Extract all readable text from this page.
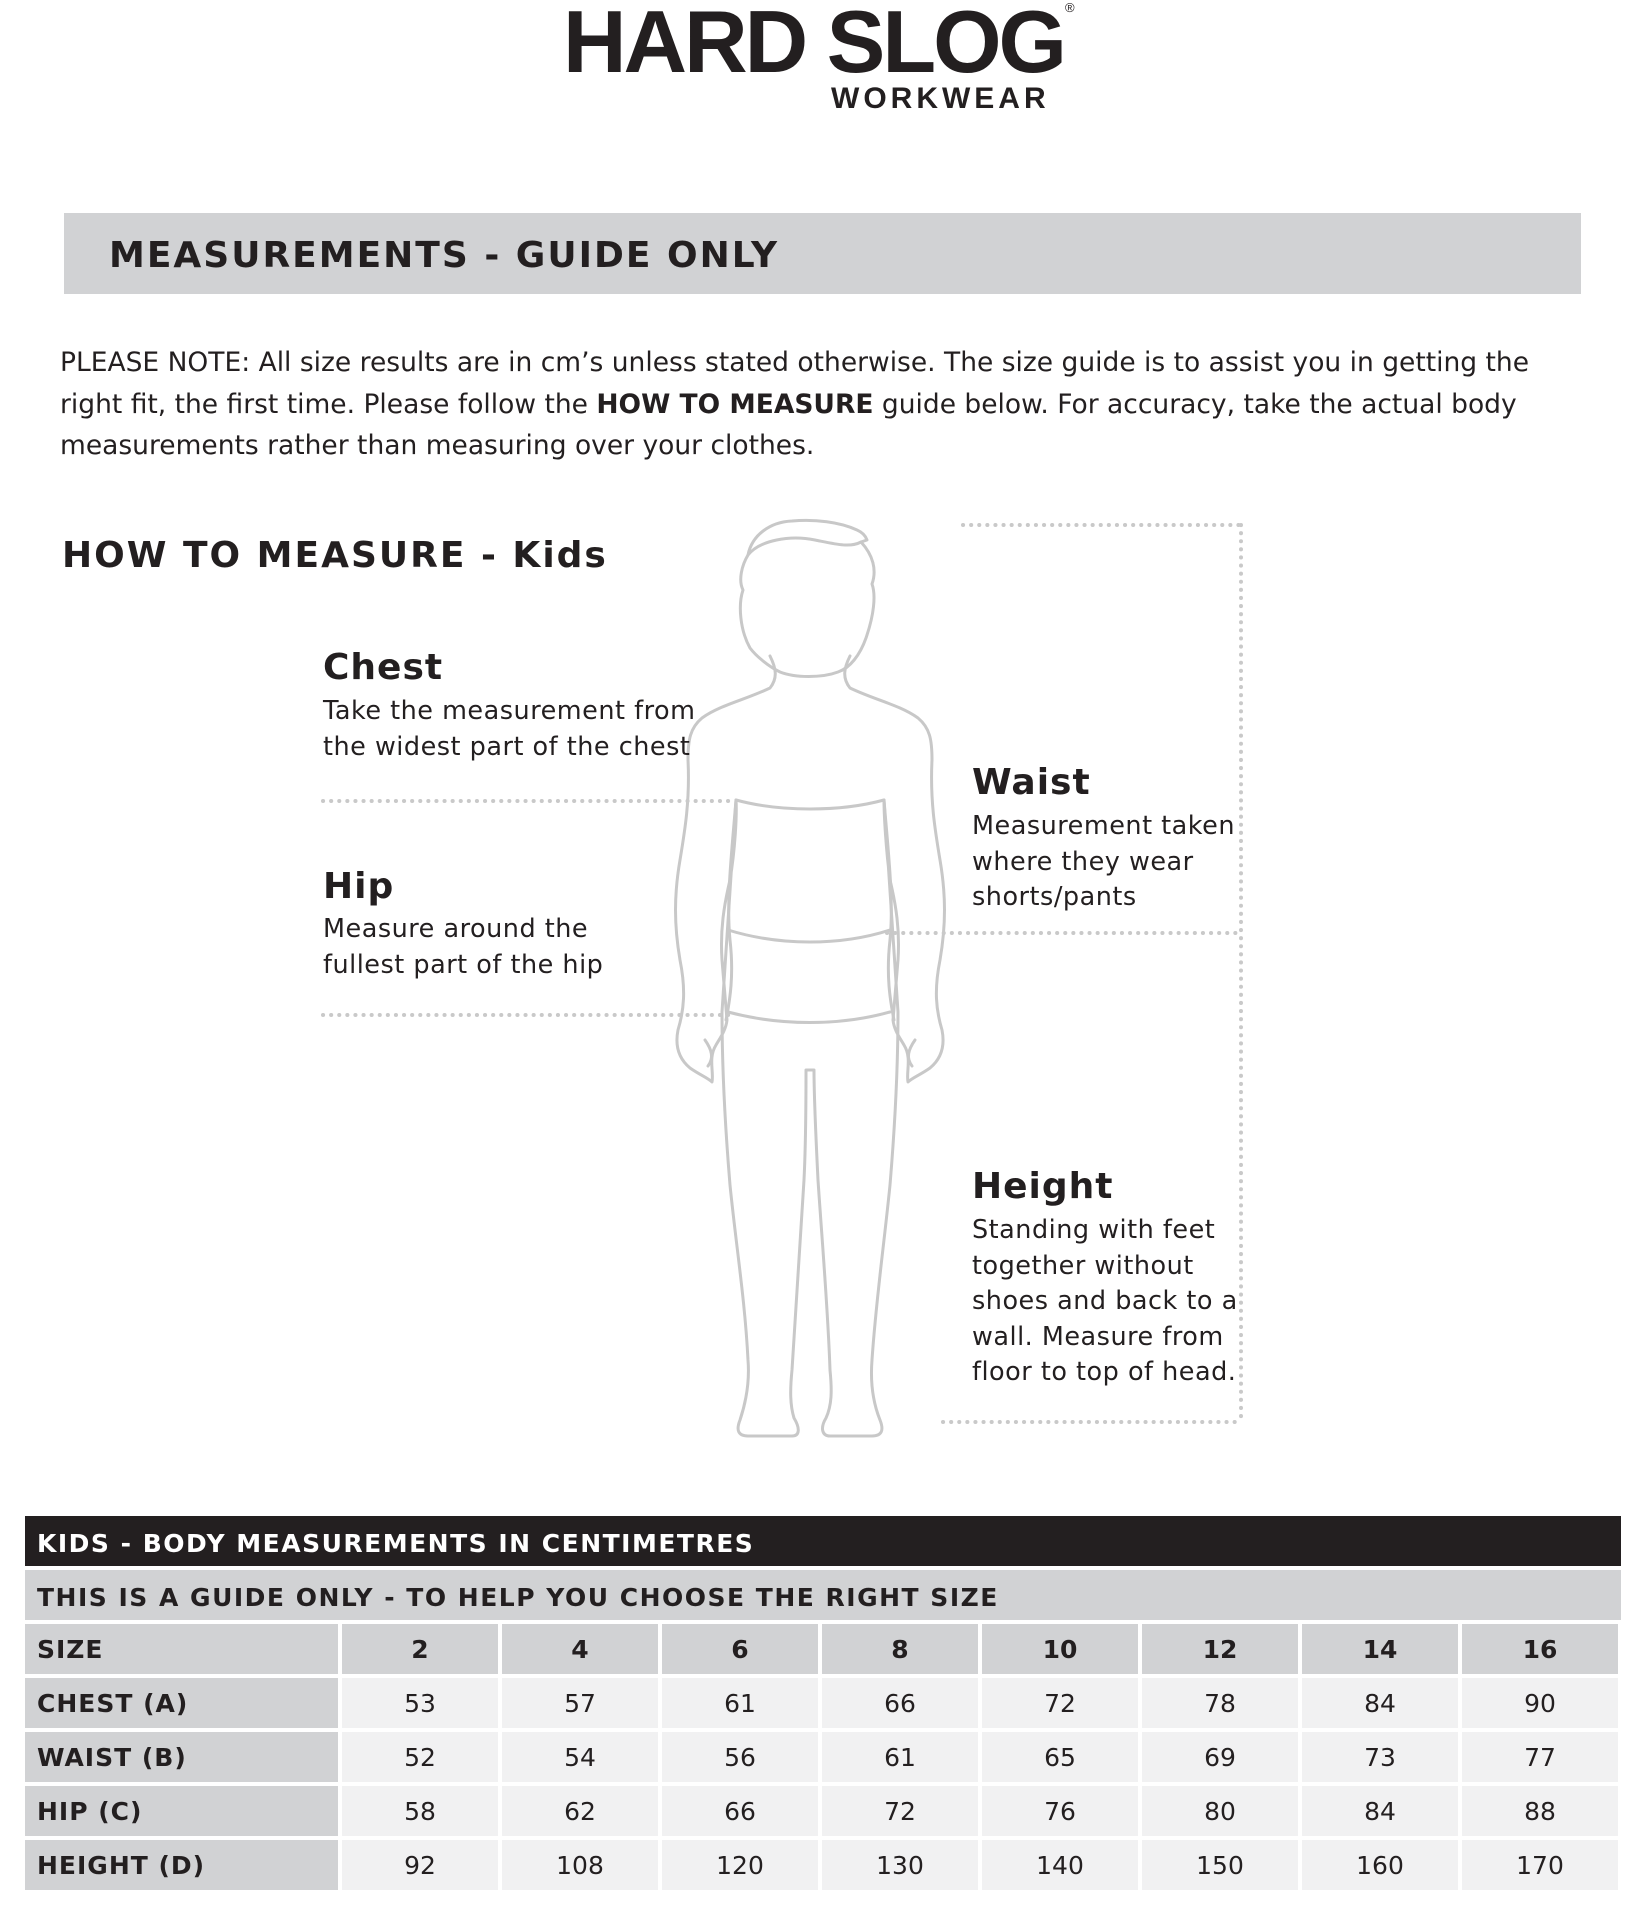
HARD SLOG ®
WORKWEAR
MEASUREMENTS - GUIDE ONLY

PLEASE NOTE: All size results are in cm’s unless stated otherwise. The size guide is to assist you in getting the right fit, the first time. Please follow the HOW TO MEASURE guide below. For accuracy, take the actual body measurements rather than measuring over your clothes.

HOW TO MEASURE - Kids
Chest
Take the measurement from
the widest part of the chest
Hip
Measure around the
fullest part of the hip
Waist
Measurement taken
where they wear
shorts/pants
Height
Standing with feet
together without
shoes and back to a
wall. Measure from
floor to top of head.
KIDS - BODY MEASUREMENTS IN CENTIMETRES
THIS IS A GUIDE ONLY - TO HELP YOU CHOOSE THE RIGHT SIZE
SIZE	2	4	6	8	10	12	14	16
CHEST (A)	53	57	61	66	72	78	84	90
WAIST (B)	52	54	56	61	65	69	73	77
HIP (C)	58	62	66	72	76	80	84	88
HEIGHT (D)	92	108	120	130	140	150	160	170
